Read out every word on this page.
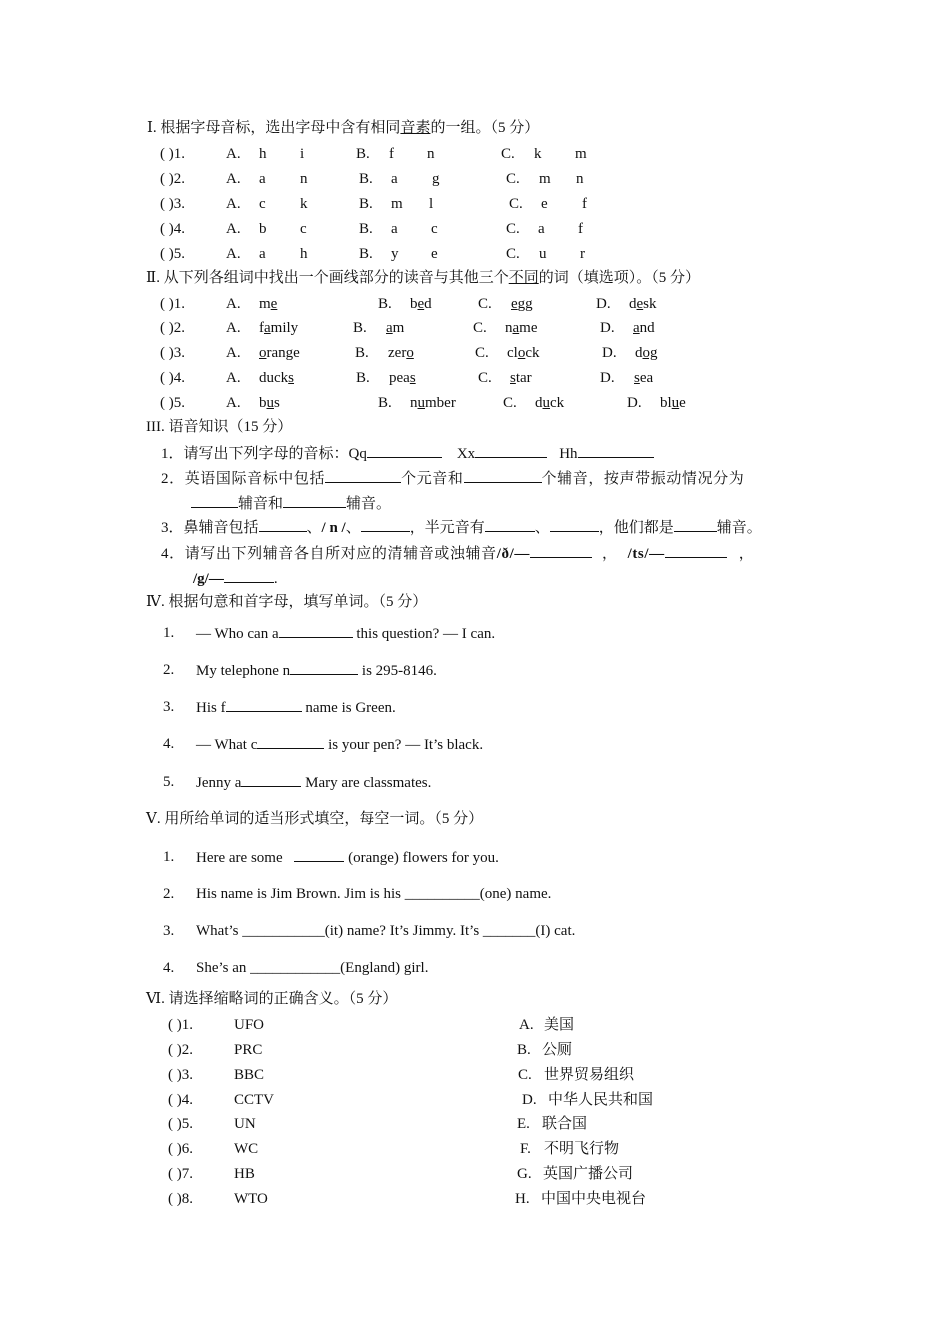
Ⅰ. 根据字母音标，选出字母中含有相同音素的一组。（5 分）
( )1.	A. h i	B. f n	C. k m
( )2.	A. a n	B. a g	C. m n
( )3.	A. c k	B. m l	C. e f
( )4.	A. b c	B. a c	C. a f
( )5.	A. a h	B. y e	C. u r
Ⅱ. 从下列各组词中找出一个画线部分的读音与其他三个不同的词（填选项）。（5 分）
( )1.	A. me	B. bed	C. egg	D. desk
( )2.	A. family	B. am	C. name	D. and
( )3.	A. orange	B. zero	C. clock	D. dog
( )4.	A. ducks	B. peas	C. star	D. sea
( )5.	A. bus	B. number	C. duck	D. blue
III. 语音知识（15 分）
1．请写出下列字母的音标：Qq	Xx	Hh
2．英语国际音标中包括	个元音和	个辅音，按声带振动情况分为
辅音和	辅音。
3．鼻辅音包括	、/ n /、	，半元音有	、	，他们都是	辅音。
4．请写出下列辅音各自所对应的清辅音或浊辅音/ð/—	， /ts/—	，
/g/—	.
Ⅳ. 根据句意和首字母，填写单词。（5 分）
1. — Who can a	this question? — I can.
2. My telephone n	is 295-8146.
3. His f	name is Green.
4. — What c	is your pen? — It’s black.
5. Jenny a	Mary are classmates.
Ⅴ. 用所给单词的适当形式填空，每空一词。（5 分）
1. Here are some	(orange) flowers for you.
2. His name is Jim Brown. Jim is his __________(one) name.
3. What’s ___________(it) name? It’s Jimmy. It’s _______(I) cat.
4. She’s an ____________(England) girl.
Ⅵ. 请选择缩略词的正确含义。（5 分）
( )1.	UFO	A. 美国
( )2.	PRC	B. 公厕
( )3.	BBC	C. 世界贸易组织
( )4.	CCTV	D. 中华人民共和国
( )5.	UN	E. 联合国
( )6.	WC	F. 不明飞行物
( )7.	HB	G. 英国广播公司
( )8.	WTO	H. 中国中央电视台
